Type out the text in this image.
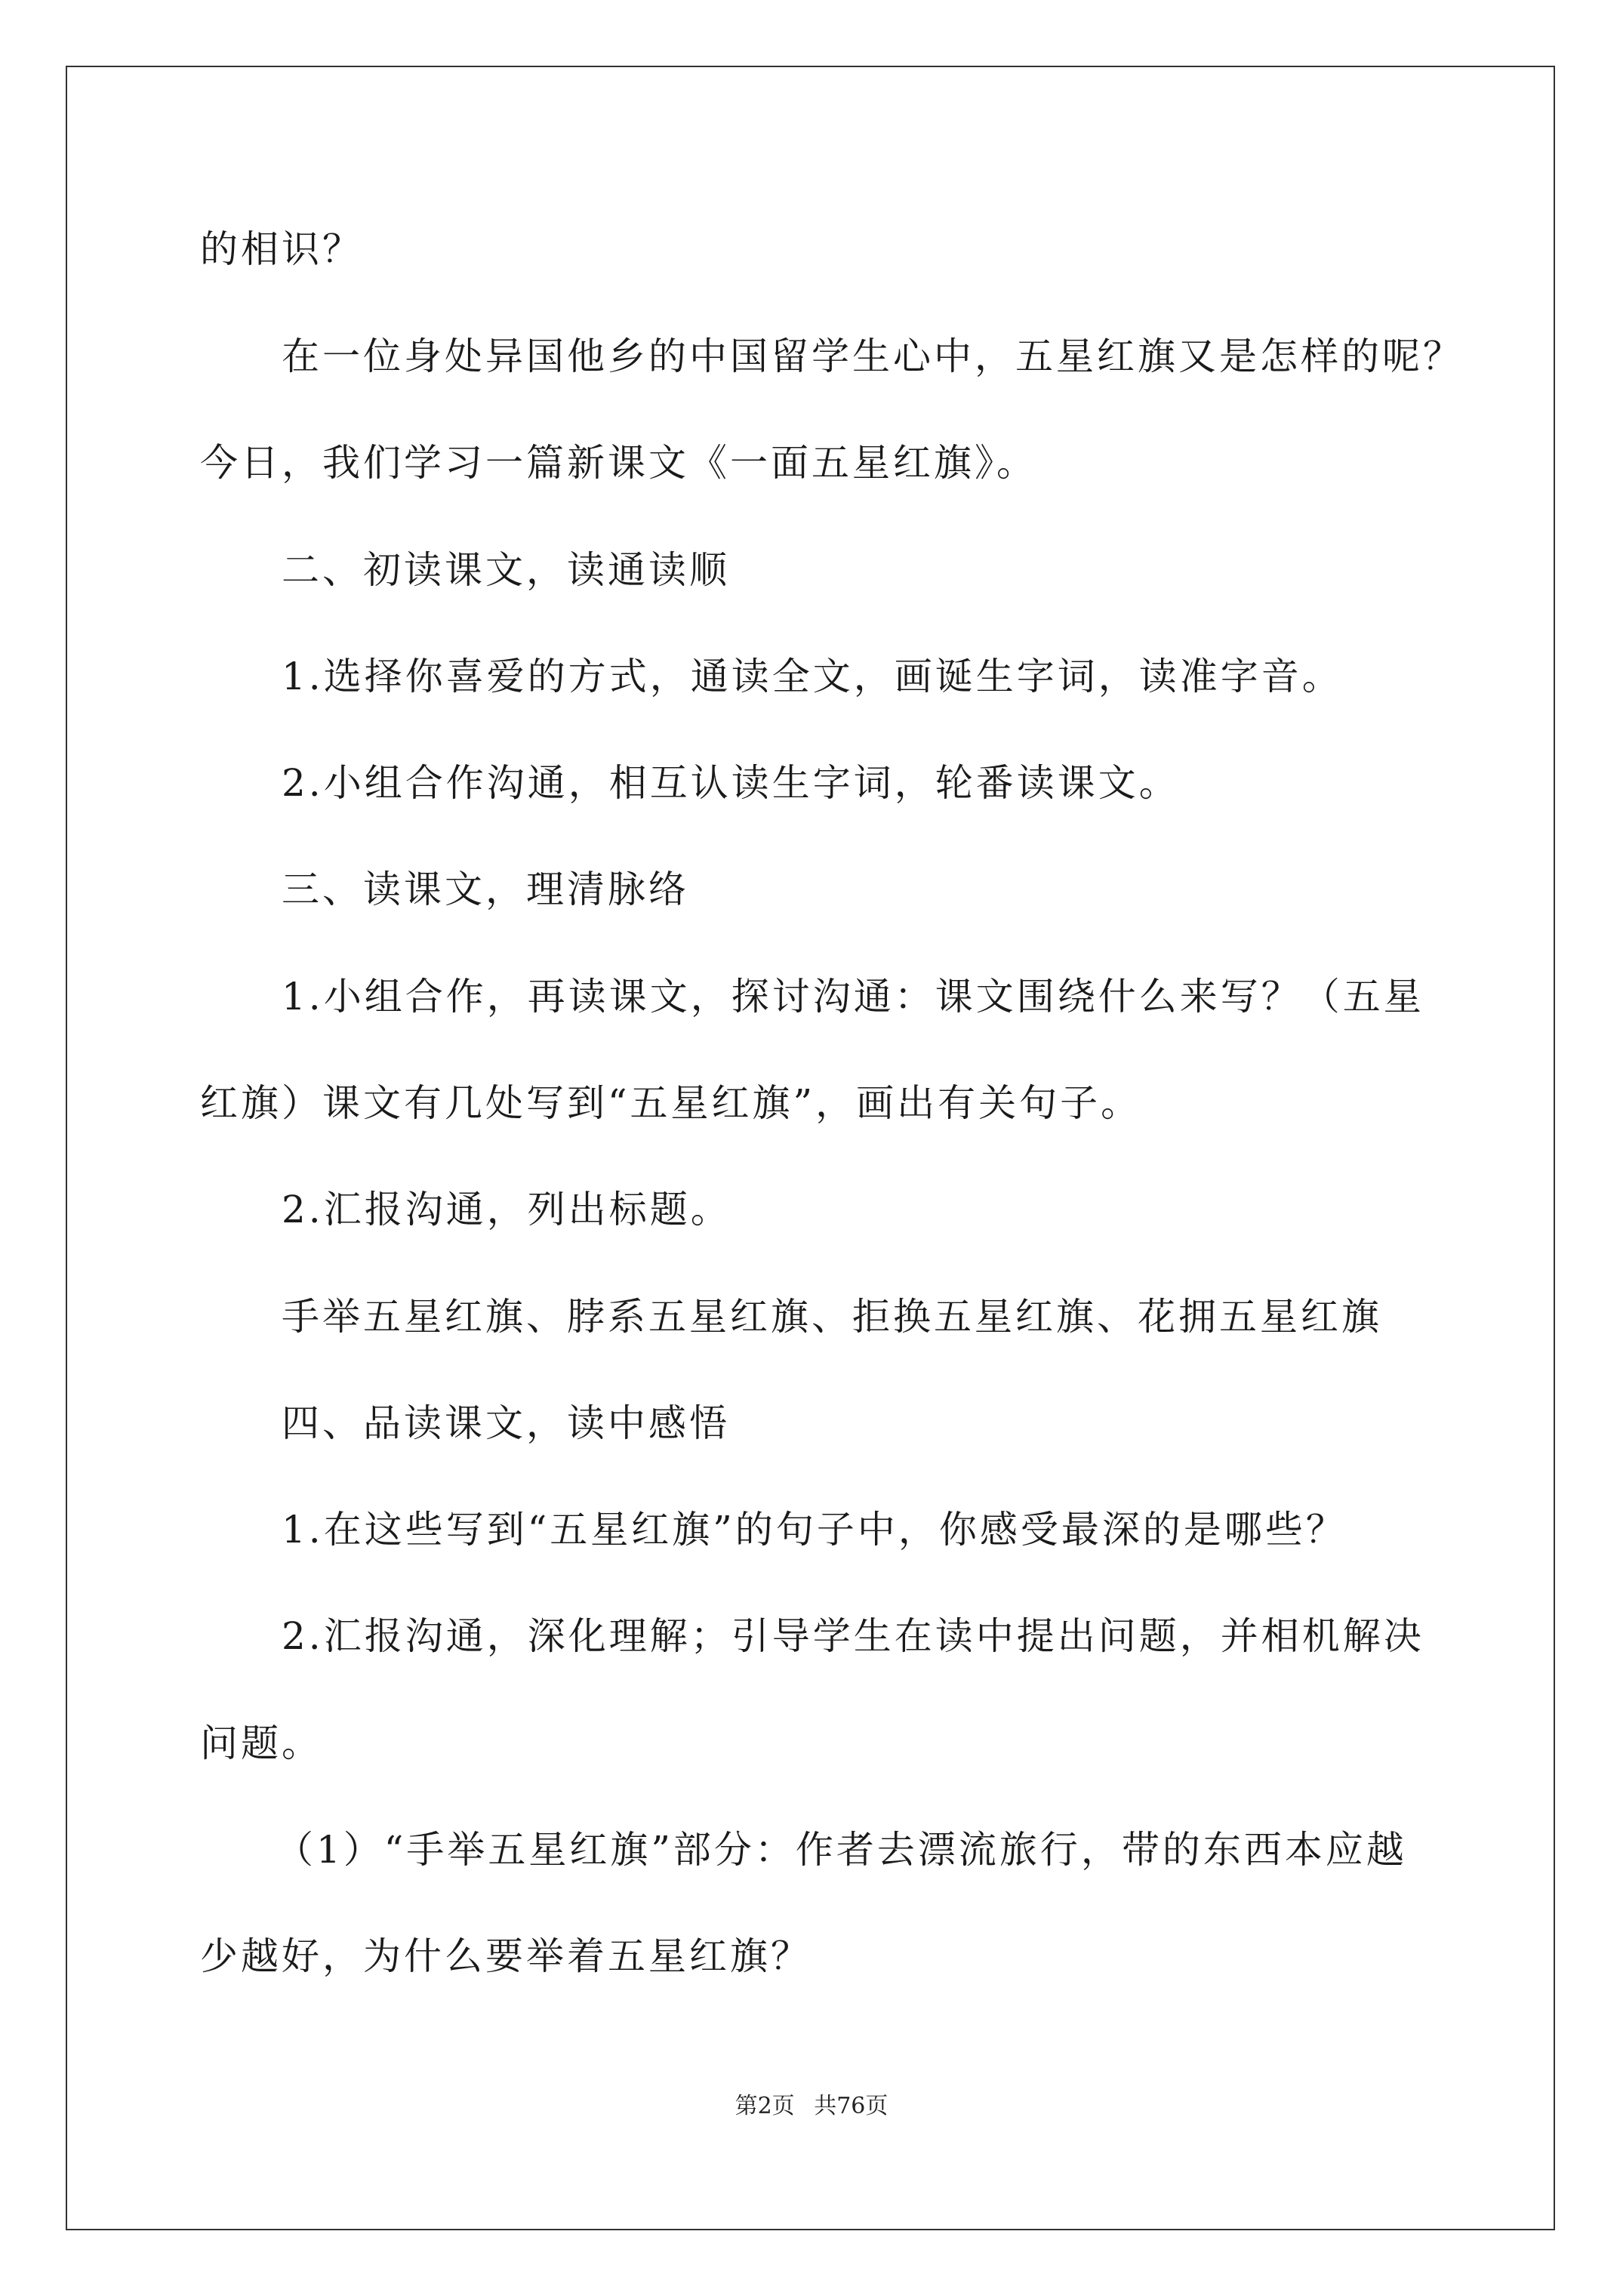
的相识？
在一位身处异国他乡的中国留学生心中，五星红旗又是怎样的呢？
今日，我们学习一篇新课文《一面五星红旗》。
二、初读课文，读通读顺
1.选择你喜爱的方式，通读全文，画诞生字词，读准字音。
2.小组合作沟通，相互认读生字词，轮番读课文。
三、读课文，理清脉络
1.小组合作，再读课文，探讨沟通：课文围绕什么来写？（五星
红旗）课文有几处写到“五星红旗”，画出有关句子。
2.汇报沟通，列出标题。
手举五星红旗、脖系五星红旗、拒换五星红旗、花拥五星红旗
四、品读课文，读中感悟
1.在这些写到“五星红旗”的句子中，你感受最深的是哪些？
2.汇报沟通，深化理解；引导学生在读中提出问题，并相机解决
问题。
（1）“手举五星红旗”部分：作者去漂流旅行，带的东西本应越
少越好，为什么要举着五星红旗？
第2页 共76页
